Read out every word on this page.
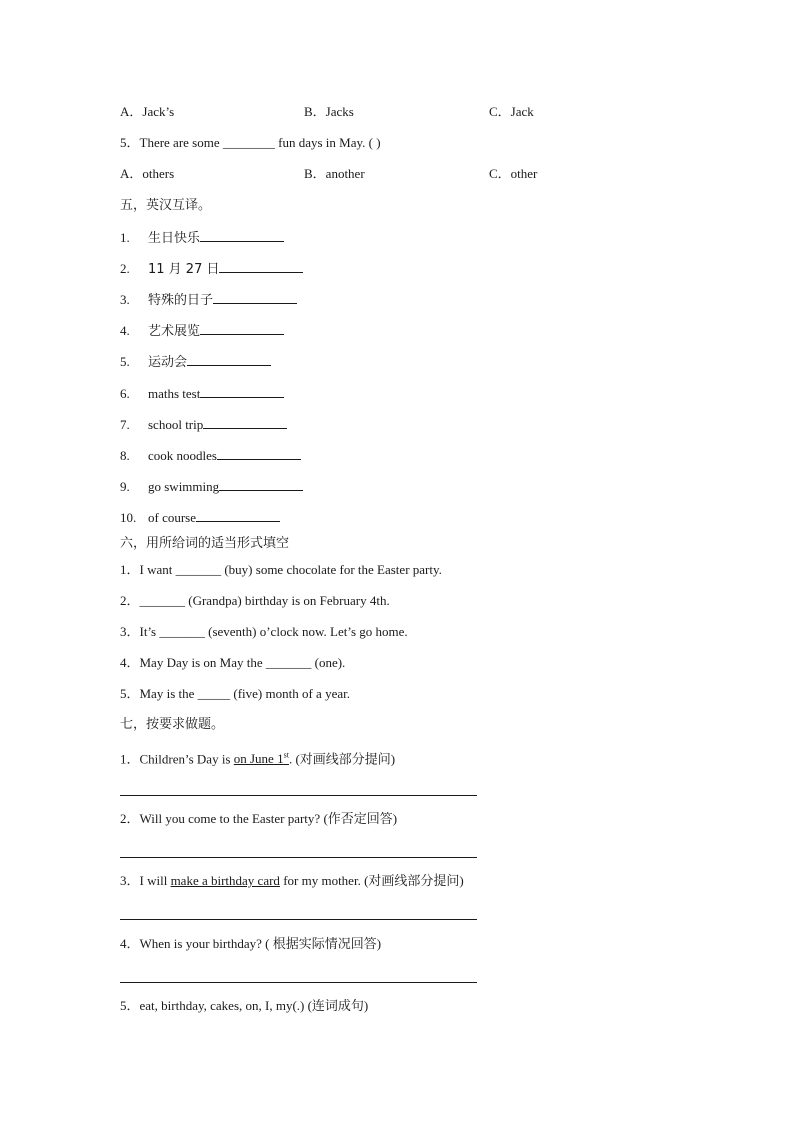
A．Jack’s	B．Jacks	C．Jack
5．There are some ________ fun days in May. ( )
A．others	B．another	C．other
五，英汉互译。
1. 生日快乐
2. 11 月 27 日
3. 特殊的日子
4. 艺术展览
5. 运动会
6. maths test
7. school trip
8. cook noodles
9. go swimming
10. of course
六，用所给词的适当形式填空
1．I want _______ (buy) some chocolate for the Easter party.
2．_______ (Grandpa) birthday is on February 4th.
3．It’s _______ (seventh) o’clock now. Let’s go home.
4．May Day is on May the _______ (one).
5．May is the _____ (five) month of a year.
七，按要求做题。
1．Children’s Day is on June 1st. (对画线部分提问)
2．Will you come to the Easter party? (作否定回答)
3．I will make a birthday card for my mother. (对画线部分提问)
4．When is your birthday? ( 根据实际情况回答)
5．eat, birthday, cakes, on, I, my(.) (连词成句)
